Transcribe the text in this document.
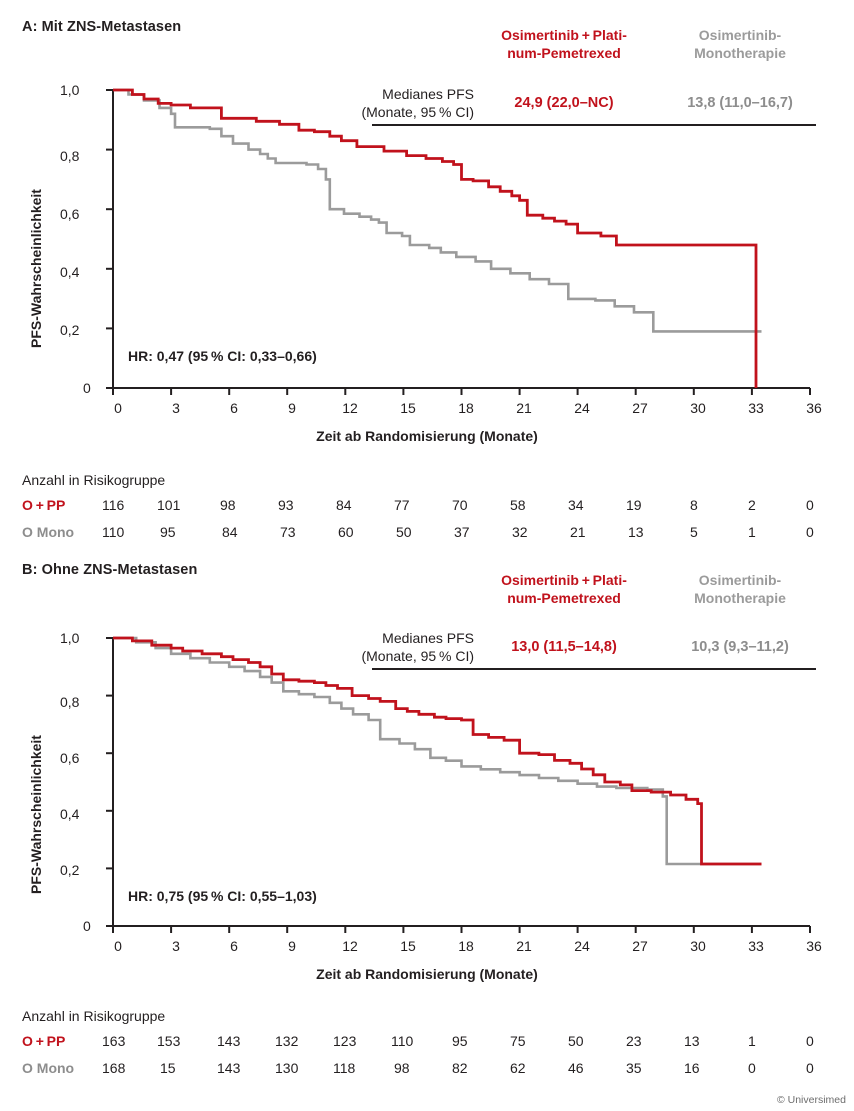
A: Mit ZNS-Metastasen	Osimertinib + Plati-
num-Pemetrexed
Osimertinib-
Monotherapie
Medianes PFS
(Monate, 95 % CI)
24,9 (22,0–NC)	13,8 (11,0–16,7)
PFS-Wahrscheinlichkeit
0
0,2
0,4
0,6
0,8
1,0
HR: 0,47 (95 % CI: 0,33–0,66)
0	3	6	9	12	15	18	21	24	27	30	33	36
Zeit ab Randomisierung (Monate)
Anzahl in Risikogruppe
O + PP	116 101	98	93	84	77	70	58	34	19	8	2	0
O Mono 110	95	84	73	60	50	37	32	21	13	5	1	0
B: Ohne ZNS-Metastasen
Osimertinib + Plati-
num-Pemetrexed
Osimertinib-
Monotherapie
Medianes PFS
(Monate, 95 % CI)
13,0 (11,5–14,8)	10,3 (9,3–11,2)
PFS-Wahrscheinlichkeit
0
0,2
0,4
0,6
0,8
1,0
HR: 0,75 (95 % CI: 0,55–1,03)
0	3	6	9	12	15	18	21	24	27	30	33	36
Zeit ab Randomisierung (Monate)
Anzahl in Risikogruppe
O + PP	163 153	143 132 123 110	95	75	50	23	13	1	0
O Mono 168 15	143 130 118	98	82	62	46	35	16	0	0
© Universimed
